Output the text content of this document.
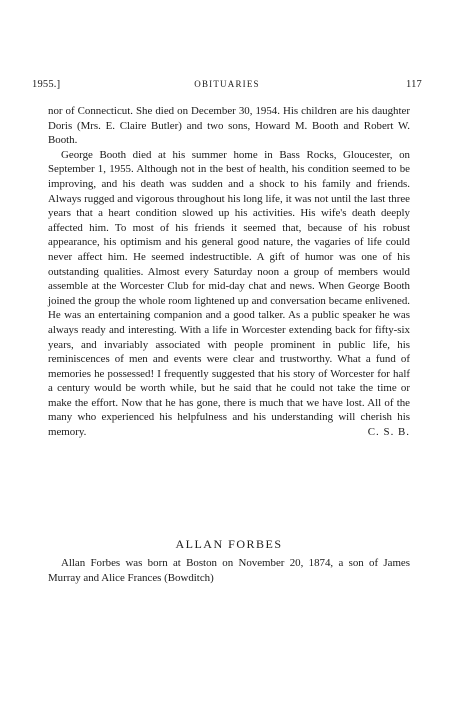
1955.]	OBITUARIES	117

nor of Connecticut. She died on December 30, 1954. His children are his daughter Doris (Mrs. E. Claire Butler) and two sons, Howard M. Booth and Robert W. Booth.

George Booth died at his summer home in Bass Rocks, Gloucester, on September 1, 1955. Although not in the best of health, his condition seemed to be improving, and his death was sudden and a shock to his family and friends. Always rugged and vigorous throughout his long life, it was not until the last three years that a heart condition slowed up his activities. His wife's death deeply affected him. To most of his friends it seemed that, because of his robust appearance, his optimism and his general good nature, the vagaries of life could never affect him. He seemed indestructible. A gift of humor was one of his outstanding qualities. Almost every Saturday noon a group of members would assemble at the Worcester Club for mid-day chat and news. When George Booth joined the group the whole room lightened up and conversation became enlivened. He was an entertaining companion and a good talker. As a public speaker he was always ready and interesting. With a life in Worcester extending back for fifty-six years, and invariably associated with people prominent in public life, his reminiscences of men and events were clear and trustworthy. What a fund of memories he possessed! I frequently suggested that his story of Worcester for half a century would be worth while, but he said that he could not take the time or make the effort. Now that he has gone, there is much that we have lost. All of the many who experienced his helpfulness and his understanding will cherish his memory.	C. S. B.

ALLAN FORBES

Allan Forbes was born at Boston on November 20, 1874, a son of James Murray and Alice Frances (Bowditch)
